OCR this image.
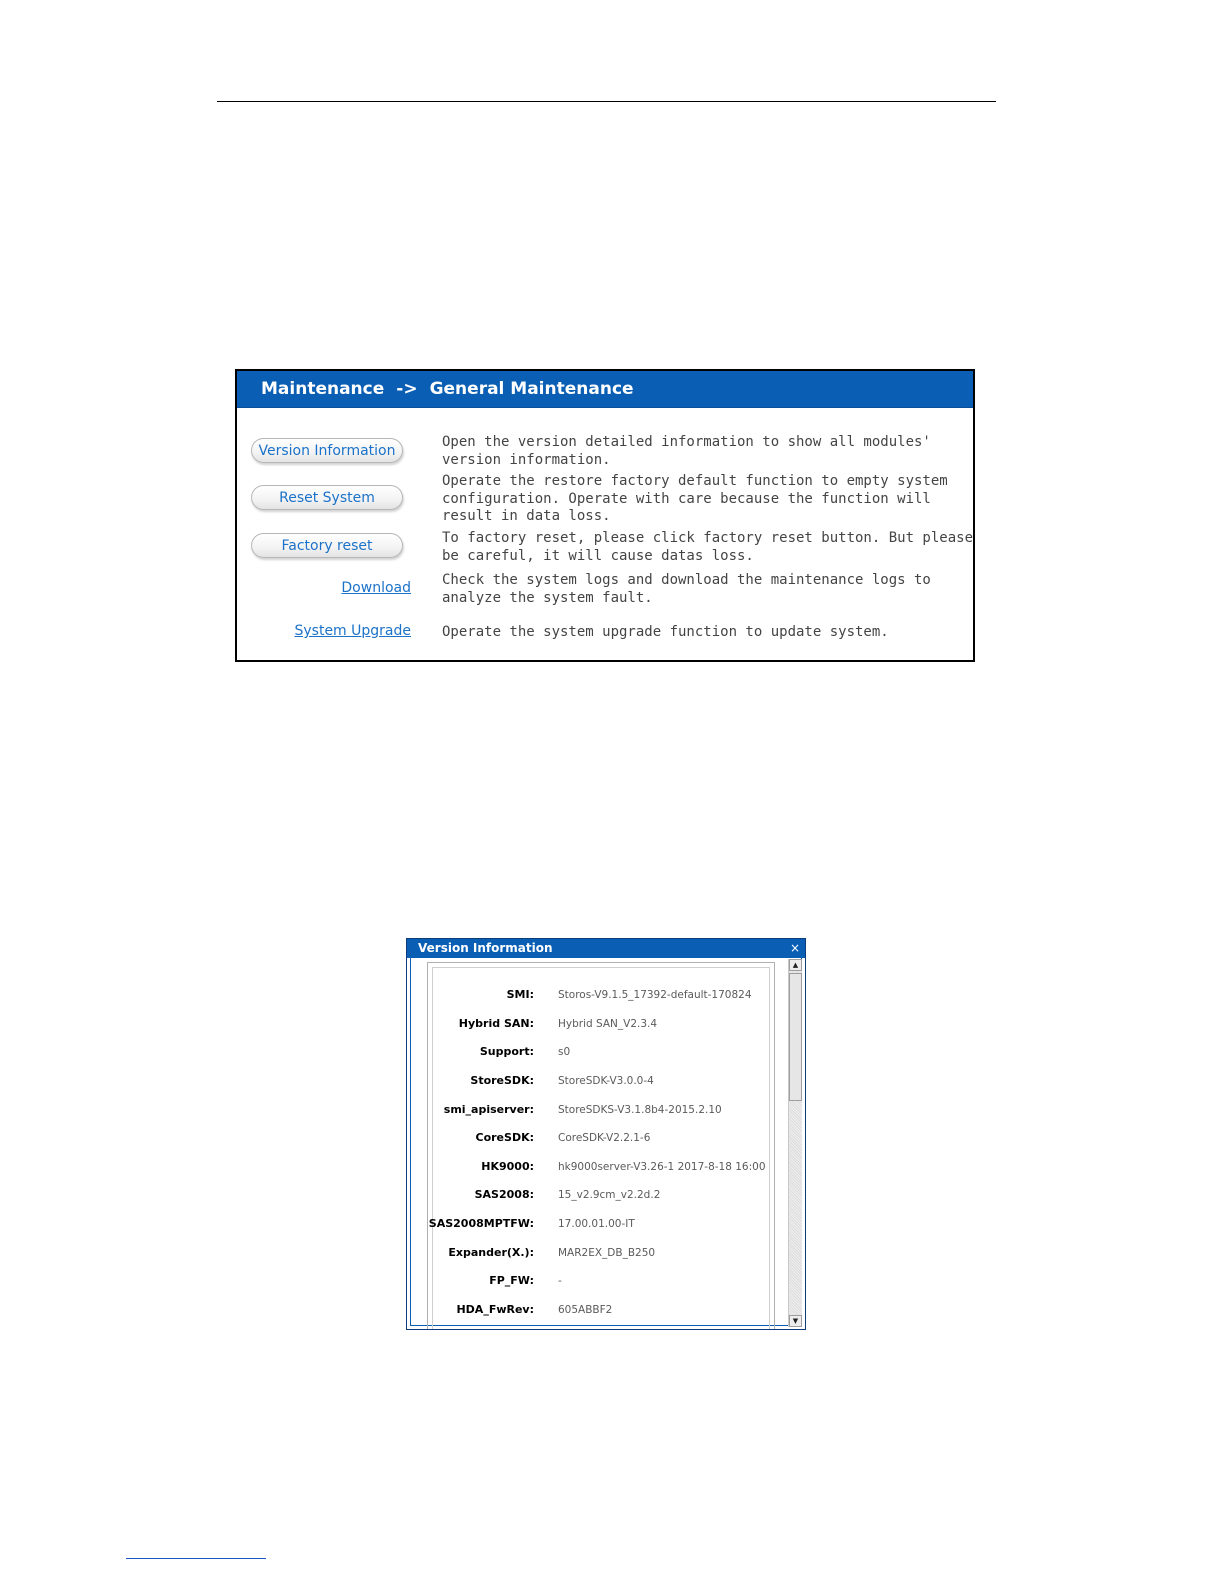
Maintenance -> General Maintenance
Version Information
Open the version detailed information to show all modules' version information.
Reset System
Operate the restore factory default function to empty system configuration. Operate with care because the function will result in data loss.
Factory reset	To factory reset, please click factory reset button. But please be careful, it will cause datas loss.
Download Check the system logs and download the maintenance logs to analyze the system fault.
System Upgrade Operate the system upgrade function to update system.
Version Information	×
SMI: Storos-V9.1.5_17392-default-170824
Hybrid SAN: Hybrid SAN_V2.3.4
Support: s0
StoreSDK: StoreSDK-V3.0.0-4
smi_apiserver: StoreSDKS-V3.1.8b4-2015.2.10
CoreSDK: CoreSDK-V2.2.1-6
HK9000: hk9000server-V3.26-1 2017-8-18 16:00
SAS2008: 15_v2.9cm_v2.2d.2
SAS2008MPTFW: 17.00.01.00-IT
Expander(X.): MAR2EX_DB_B250
FP_FW: -
HDA_FwRev: 605ABBF2
▲
▼
